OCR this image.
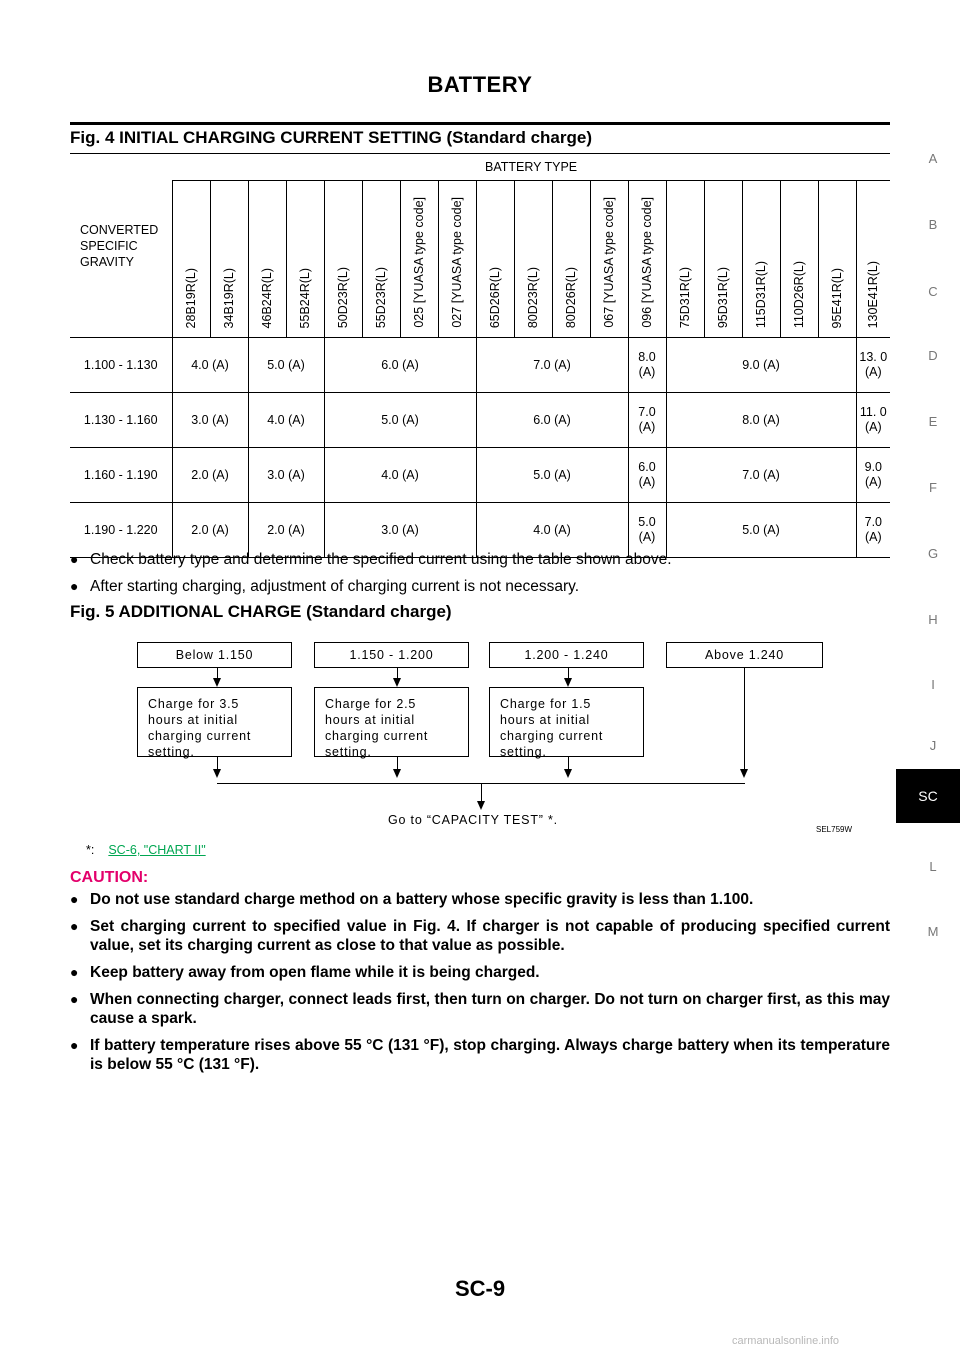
BATTERY
Fig. 4 INITIAL CHARGING CURRENT SETTING (Standard charge)
CONVERTED
SPECIFIC
GRAVITY	BATTERY TYPE																		
	28B19R(L)	34B19R(L)	46B24R(L)	55B24R(L)	50D23R(L)	55D23R(L)	025 [YUASA type code]	027 [YUASA type code]	65D26R(L)	80D23R(L)	80D26R(L)	067 [YUASA type code]	096 [YUASA type code]	75D31R(L)	95D31R(L)	115D31R(L)	110D26R(L)	95E41R(L)	130E41R(L)
1.100 - 1.130	4.0 (A)		5.0 (A)		6.0 (A)				7.0 (A)				8.0 (A)	9.0 (A)					13. 0 (A)
1.130 - 1.160	3.0 (A)		4.0 (A)		5.0 (A)				6.0 (A)				7.0 (A)	8.0 (A)					11. 0 (A)
1.160 - 1.190	2.0 (A)		3.0 (A)		4.0 (A)				5.0 (A)				6.0 (A)	7.0 (A)					9.0 (A)
1.190 - 1.220	2.0 (A)		2.0 (A)		3.0 (A)				4.0 (A)				5.0 (A)	5.0 (A)					7.0 (A)
● Check battery type and determine the specified current using the table shown above.
● After starting charging, adjustment of charging current is not necessary.
Fig. 5 ADDITIONAL CHARGE (Standard charge)
Below 1.150	1.150 - 1.200	1.200 - 1.240	Above 1.240
Charge for 3.5
hours at initial
charging current
setting.
Charge for 2.5
hours at initial
charging current
setting.
Charge for 1.5
hours at initial
charging current
setting.
Go to “CAPACITY TEST” *.
SEL759W
*: SC-6, "CHART II"
CAUTION:
● Do not use standard charge method on a battery whose specific gravity is less than 1.100.
● Set charging current to specified value in Fig. 4. If charger is not capable of producing specified current value, set its charging current as close to that value as possible.
● Keep battery away from open flame while it is being charged.
● When connecting charger, connect leads first, then turn on charger. Do not turn on charger first, as this may cause a spark.
● If battery temperature rises above 55 °C (131 °F), stop charging. Always charge battery when its temperature is below 55 °C (131 °F).
A
B
C
D
E
F
G
H
I
J
SC
L
M
SC-9
carmanualsonline.info
